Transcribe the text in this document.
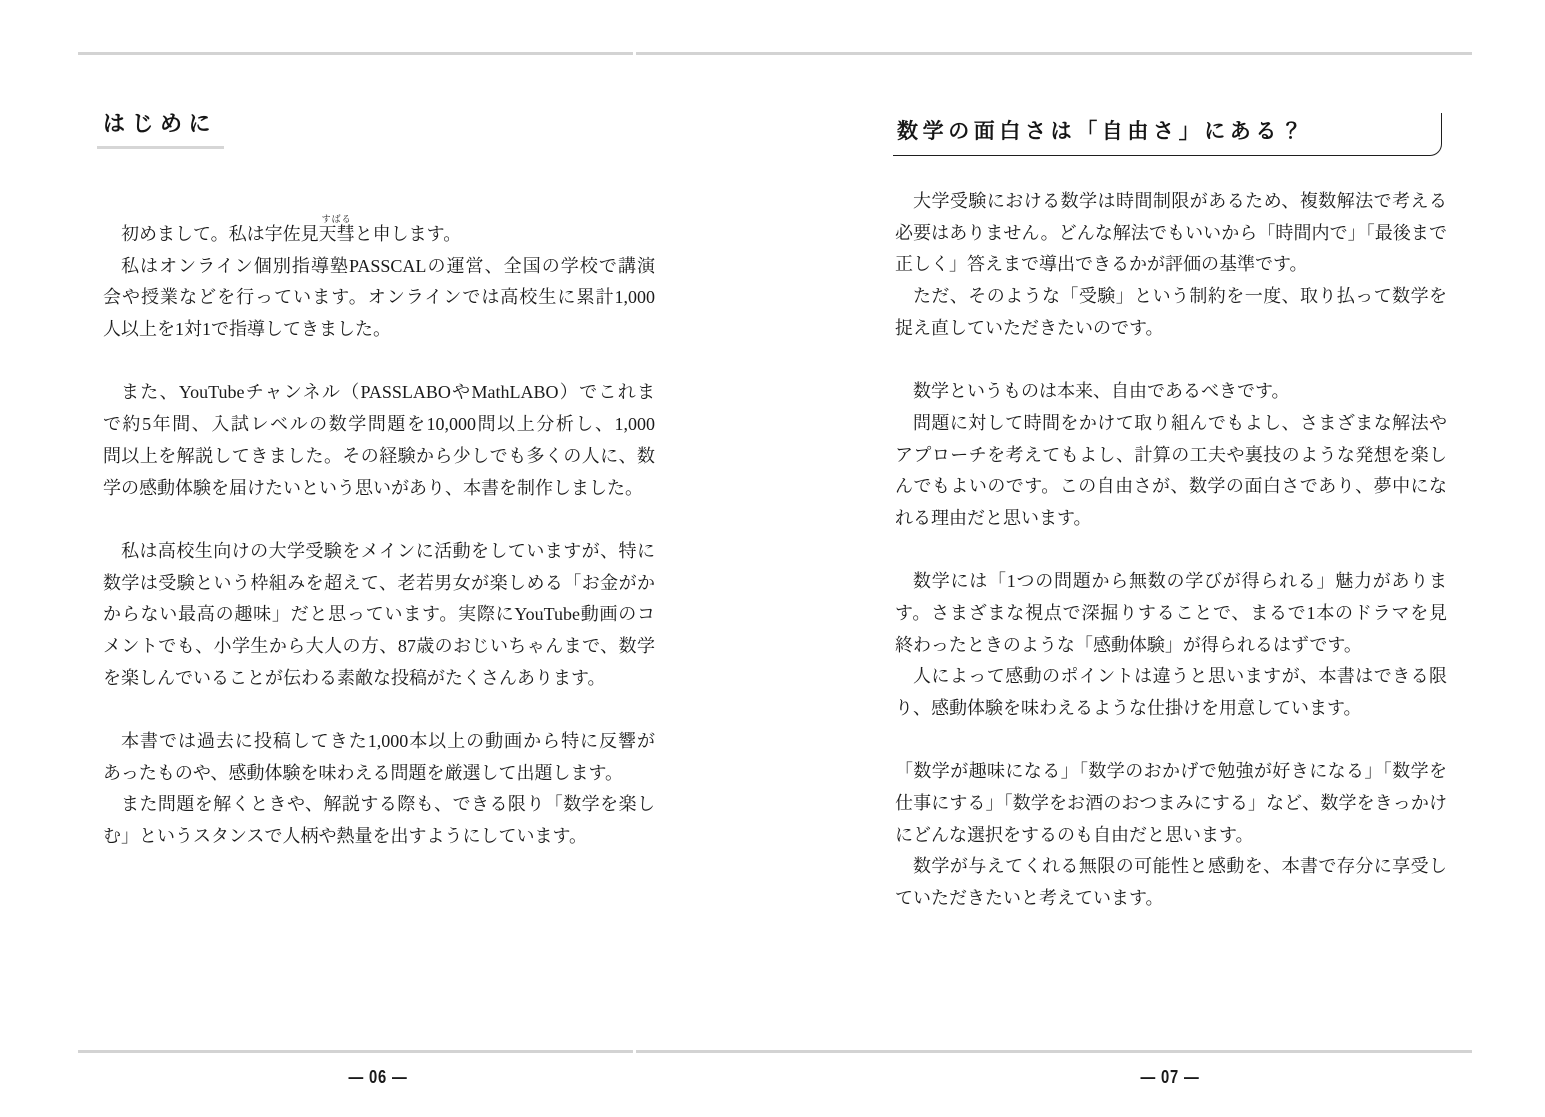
はじめに
初めまして。私は宇佐見天彗
すばる
と申します。
私はオンライン個別指導塾PASSCALの運営、全国の学校で講演
会や授業などを行っています。オンラインでは高校生に累計1,000
人以上を1対1で指導してきました。
また、YouTubeチャンネル（PASSLABOやMathLABO）でこれま
で約5年間、入試レベルの数学問題を10,000問以上分析し、1,000
問以上を解説してきました。その経験から少しでも多くの人に、数
学の感動体験を届けたいという思いがあり、本書を制作しました。
私は高校生向けの大学受験をメインに活動をしていますが、特に
数学は受験という枠組みを超えて、老若男女が楽しめる「お金がか
からない最高の趣味」だと思っています。実際にYouTube動画のコ
メントでも、小学生から大人の方、87歳のおじいちゃんまで、数学
を楽しんでいることが伝わる素敵な投稿がたくさんあります。
本書では過去に投稿してきた1,000本以上の動画から特に反響が
あったものや、感動体験を味わえる問題を厳選して出題します。
また問題を解くときや、解説する際も、できる限り「数学を楽し
む」というスタンスで人柄や熱量を出すようにしています。
— 06 —
数学の面白さは「自由さ」にある？
大学受験における数学は時間制限があるため、複数解法で考える
必要はありません。どんな解法でもいいから「時間内で」「最後まで
正しく」答えまで導出できるかが評価の基準です。
ただ、そのような「受験」という制約を一度、取り払って数学を
捉え直していただきたいのです。
数学というものは本来、自由であるべきです。
問題に対して時間をかけて取り組んでもよし、さまざまな解法や
アプローチを考えてもよし、計算の工夫や裏技のような発想を楽し
んでもよいのです。この自由さが、数学の面白さであり、夢中にな
れる理由だと思います。
数学には「1つの問題から無数の学びが得られる」魅力がありま
す。さまざまな視点で深掘りすることで、まるで1本のドラマを見
終わったときのような「感動体験」が得られるはずです。
人によって感動のポイントは違うと思いますが、本書はできる限
り、感動体験を味わえるような仕掛けを用意しています。
「数学が趣味になる」「数学のおかげで勉強が好きになる」「数学を
仕事にする」「数学をお酒のおつまみにする」など、数学をきっかけ
にどんな選択をするのも自由だと思います。
数学が与えてくれる無限の可能性と感動を、本書で存分に享受し
ていただきたいと考えています。
— 07 —
